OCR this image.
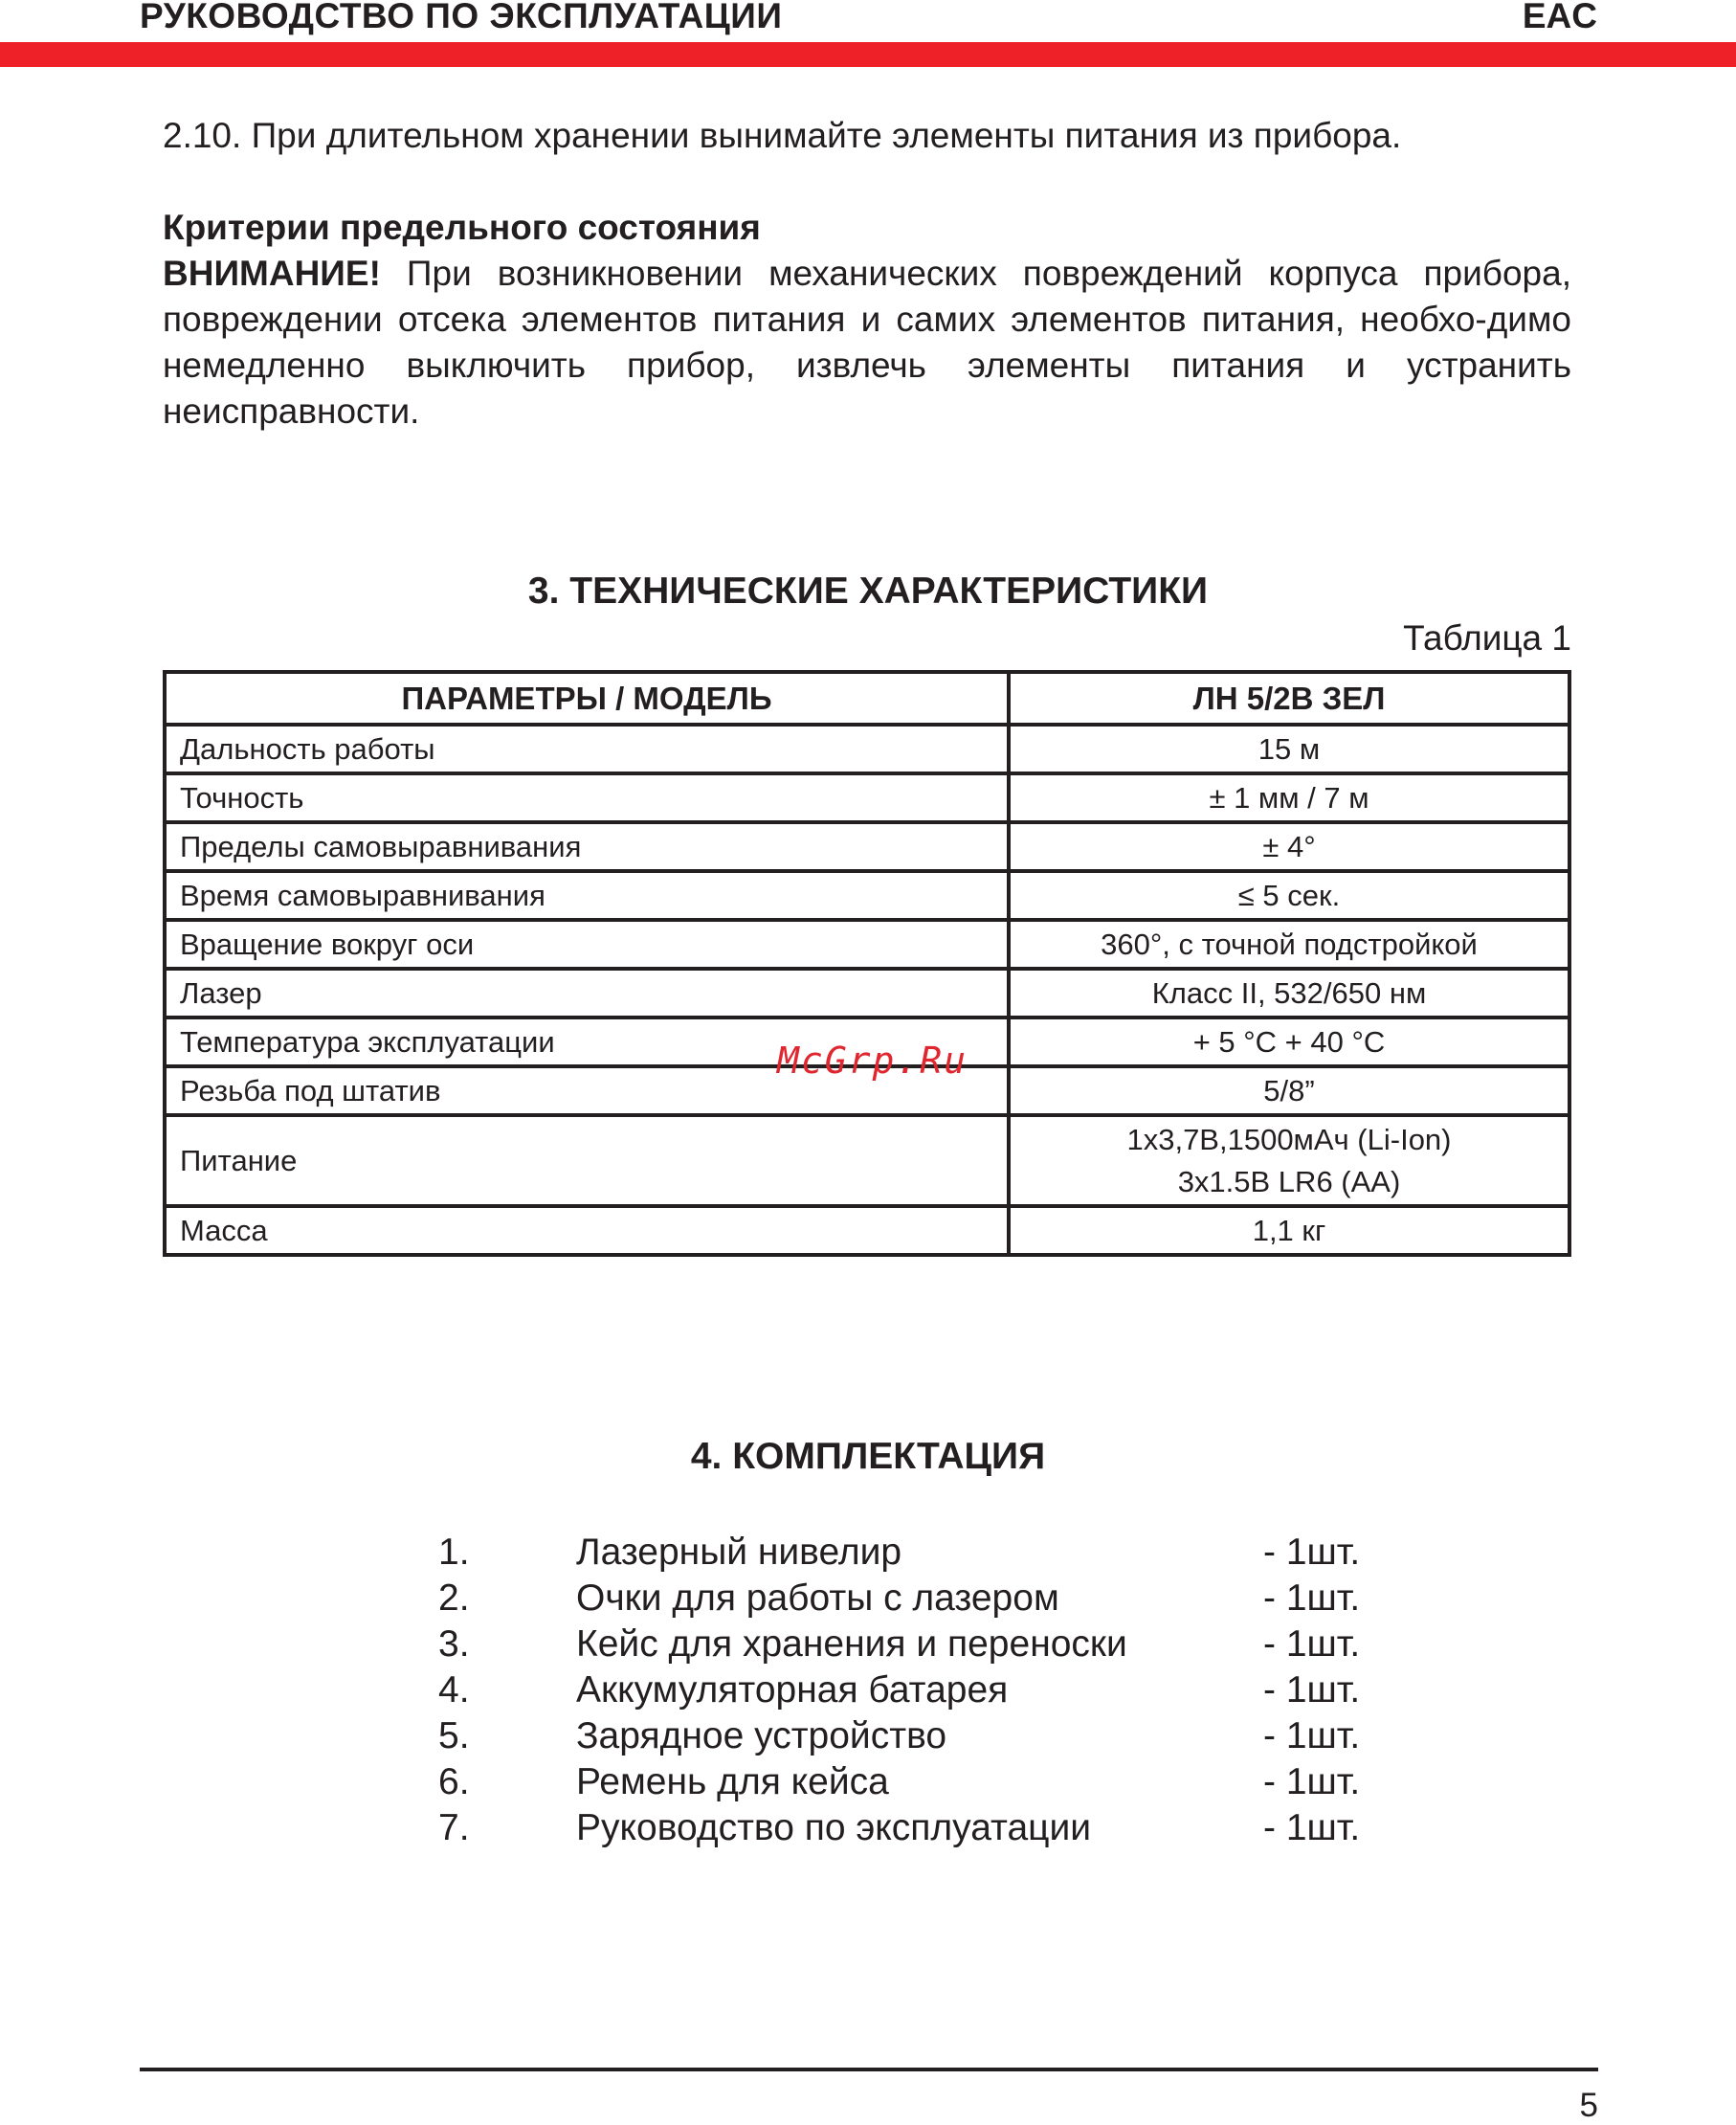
РУКОВОДСТВО ПО ЭКСПЛУАТАЦИИ	EAC

2.10. При длительном хранении вынимайте элементы питания из прибора.

Критерии предельного состояния

ВНИМАНИЕ! При возникновении механических повреждений корпуса прибора, повреждении отсека элементов питания и самих элементов питания, необхо-димо немедленно выключить прибор, извлечь элементы питания и устранить неисправности.

3. ТЕХНИЧЕСКИЕ ХАРАКТЕРИСТИКИ
Таблица 1
ПАРАМЕТРЫ / МОДЕЛЬ	ЛН 5/2В ЗЕЛ
Дальность работы	15 м

Точность	± 1 мм / 7 м

Пределы самовыравнивания	± 4°

Время самовыравнивания	≤ 5 сек.

Вращение вокруг оси	360°, с точной подстройкой

Лазер	Класс II, 532/650 нм

Температура эксплуатации	+ 5 °С + 40 °С

Резьба под штатив	5/8”

Питание	1х3,7В,1500мАч (Li-Ion)
3х1.5В LR6 (AA)

Масса	1,1 кг
McGrp.Ru
4. КОМПЛЕКТАЦИЯ
1.	Лазерный нивелир	- 1шт.
2.	Очки для работы с лазером	- 1шт.
3.	Кейс для хранения и переноски	- 1шт.
4.	Аккумуляторная батарея	- 1шт.
5.	Зарядное устройство	- 1шт.
6.	Ремень для кейса	- 1шт.
7.	Руководство по эксплуатации	- 1шт.
5
